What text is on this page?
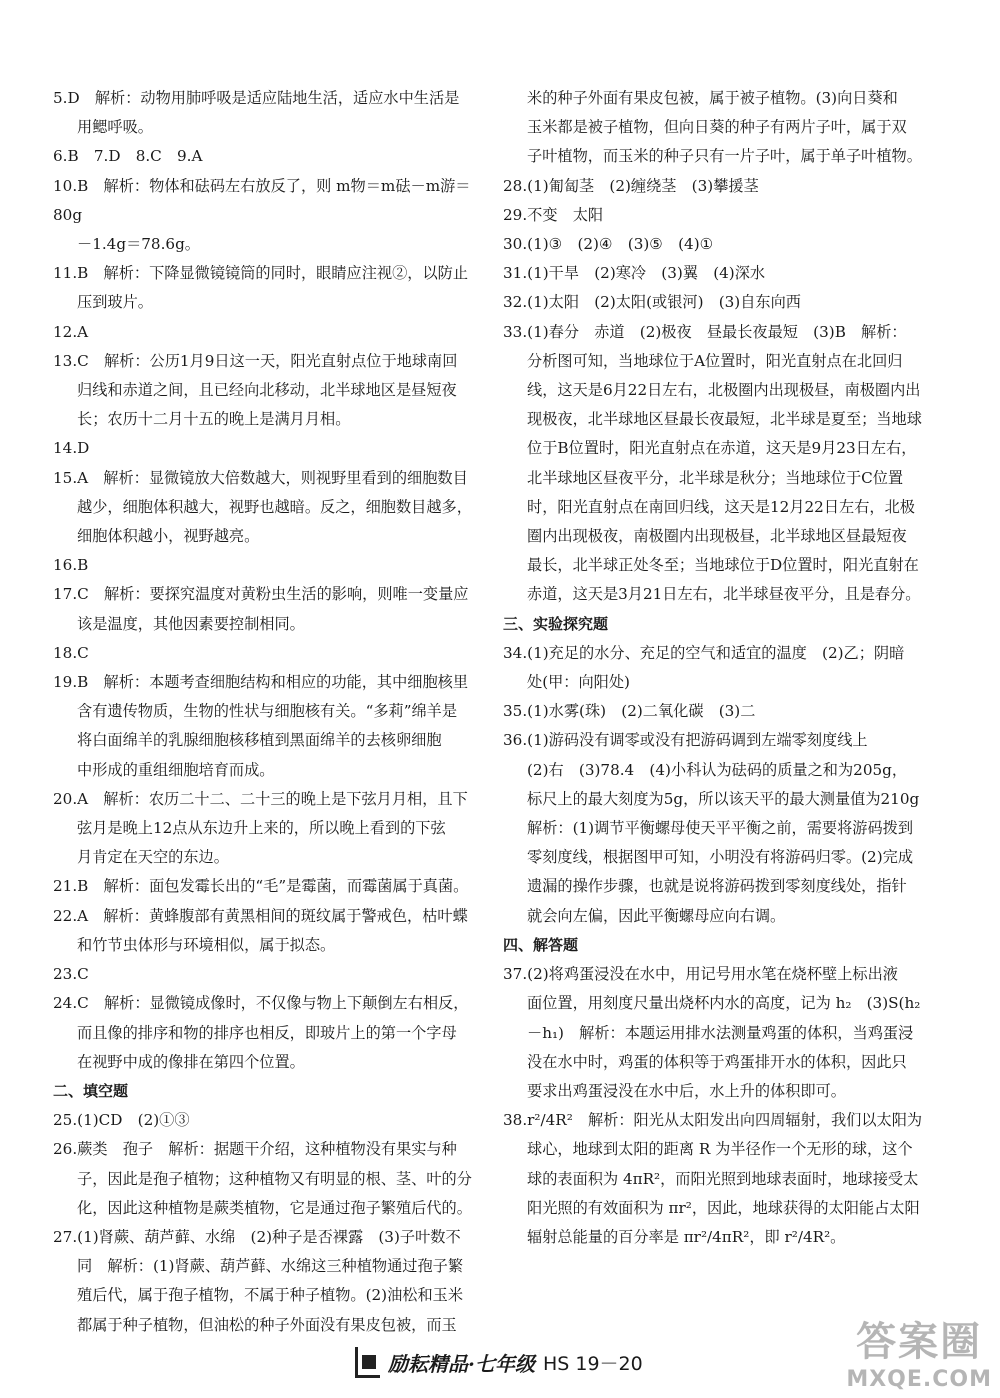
5.D　解析：动物用肺呼吸是适应陆地生活，适应水中生活是

用鳃呼吸。

6.B　7.D　8.C　9.A

10.B　解析：物体和砝码左右放反了，则 m物＝m砝－m游＝80g

－1.4g＝78.6g。

11.B　解析：下降显微镜镜筒的同时，眼睛应注视②，以防止

压到玻片。

12.A

13.C　解析：公历1月9日这一天，阳光直射点位于地球南回

归线和赤道之间，且已经向北移动，北半球地区是昼短夜

长；农历十二月十五的晚上是满月月相。

14.D

15.A　解析：显微镜放大倍数越大，则视野里看到的细胞数目

越少，细胞体积越大，视野也越暗。反之，细胞数目越多，

细胞体积越小，视野越亮。

16.B

17.C　解析：要探究温度对黄粉虫生活的影响，则唯一变量应

该是温度，其他因素要控制相同。

18.C

19.B　解析：本题考查细胞结构和相应的功能，其中细胞核里

含有遗传物质，生物的性状与细胞核有关。“多莉”绵羊是

将白面绵羊的乳腺细胞核移植到黑面绵羊的去核卵细胞

中形成的重组细胞培育而成。

20.A　解析：农历二十二、二十三的晚上是下弦月月相，且下

弦月是晚上12点从东边升上来的，所以晚上看到的下弦

月肯定在天空的东边。

21.B　解析：面包发霉长出的“毛”是霉菌，而霉菌属于真菌。

22.A　解析：黄蜂腹部有黄黑相间的斑纹属于警戒色，枯叶蝶

和竹节虫体形与环境相似，属于拟态。

23.C

24.C　解析：显微镜成像时，不仅像与物上下颠倒左右相反，

而且像的排序和物的排序也相反，即玻片上的第一个字母

在视野中成的像排在第四个位置。

二、填空题

25.(1)CD　(2)①③

26.蕨类　孢子　解析：据题干介绍，这种植物没有果实与种

子，因此是孢子植物；这种植物又有明显的根、茎、叶的分

化，因此这种植物是蕨类植物，它是通过孢子繁殖后代的。

27.(1)肾蕨、葫芦藓、水绵　(2)种子是否裸露　(3)子叶数不

同　解析：(1)肾蕨、葫芦藓、水绵这三种植物通过孢子繁

殖后代，属于孢子植物，不属于种子植物。(2)油松和玉米

都属于种子植物，但油松的种子外面没有果皮包被，而玉

米的种子外面有果皮包被，属于被子植物。(3)向日葵和

玉米都是被子植物，但向日葵的种子有两片子叶，属于双

子叶植物，而玉米的种子只有一片子叶，属于单子叶植物。

28.(1)匍匐茎　(2)缠绕茎　(3)攀援茎

29.不变　太阳

30.(1)③　(2)④　(3)⑤　(4)①

31.(1)干旱　(2)寒冷　(3)翼　(4)深水

32.(1)太阳　(2)太阳(或银河)　(3)自东向西

33.(1)春分　赤道　(2)极夜　昼最长夜最短　(3)B　解析：

分析图可知，当地球位于A位置时，阳光直射点在北回归

线，这天是6月22日左右，北极圈内出现极昼，南极圈内出

现极夜，北半球地区昼最长夜最短，北半球是夏至；当地球

位于B位置时，阳光直射点在赤道，这天是9月23日左右，

北半球地区昼夜平分，北半球是秋分；当地球位于C位置

时，阳光直射点在南回归线，这天是12月22日左右，北极

圈内出现极夜，南极圈内出现极昼，北半球地区昼最短夜

最长，北半球正处冬至；当地球位于D位置时，阳光直射在

赤道，这天是3月21日左右，北半球昼夜平分，且是春分。

三、实验探究题

34.(1)充足的水分、充足的空气和适宜的温度　(2)乙；阴暗

处(甲：向阳处)

35.(1)水雾(珠)　(2)二氧化碳　(3)二

36.(1)游码没有调零或没有把游码调到左端零刻度线上

(2)右　(3)78.4　(4)小科认为砝码的质量之和为205g，

标尺上的最大刻度为5g，所以该天平的最大测量值为210g

解析：(1)调节平衡螺母使天平平衡之前，需要将游码拨到

零刻度线，根据图甲可知，小明没有将游码归零。(2)完成

遗漏的操作步骤，也就是说将游码拨到零刻度线处，指针

就会向左偏，因此平衡螺母应向右调。

四、解答题

37.(2)将鸡蛋浸没在水中，用记号用水笔在烧杯壁上标出液

面位置，用刻度尺量出烧杯内水的高度，记为 h₂　(3)S(h₂

－h₁)　解析：本题运用排水法测量鸡蛋的体积，当鸡蛋浸

没在水中时，鸡蛋的体积等于鸡蛋排开水的体积，因此只

要求出鸡蛋浸没在水中后，水上升的体积即可。

38.r²/4R²　解析：阳光从太阳发出向四周辐射，我们以太阳为

球心，地球到太阳的距离 R 为半径作一个无形的球，这个

球的表面积为 4πR²，而阳光照到地球表面时，地球接受太

阳光照的有效面积为 πr²，因此，地球获得的太阳能占太阳

辐射总能量的百分率是 πr²/4πR²，即 r²/4R²。

励耘精品·七年级 HS 19－20	答案圈
MXQE.COM
